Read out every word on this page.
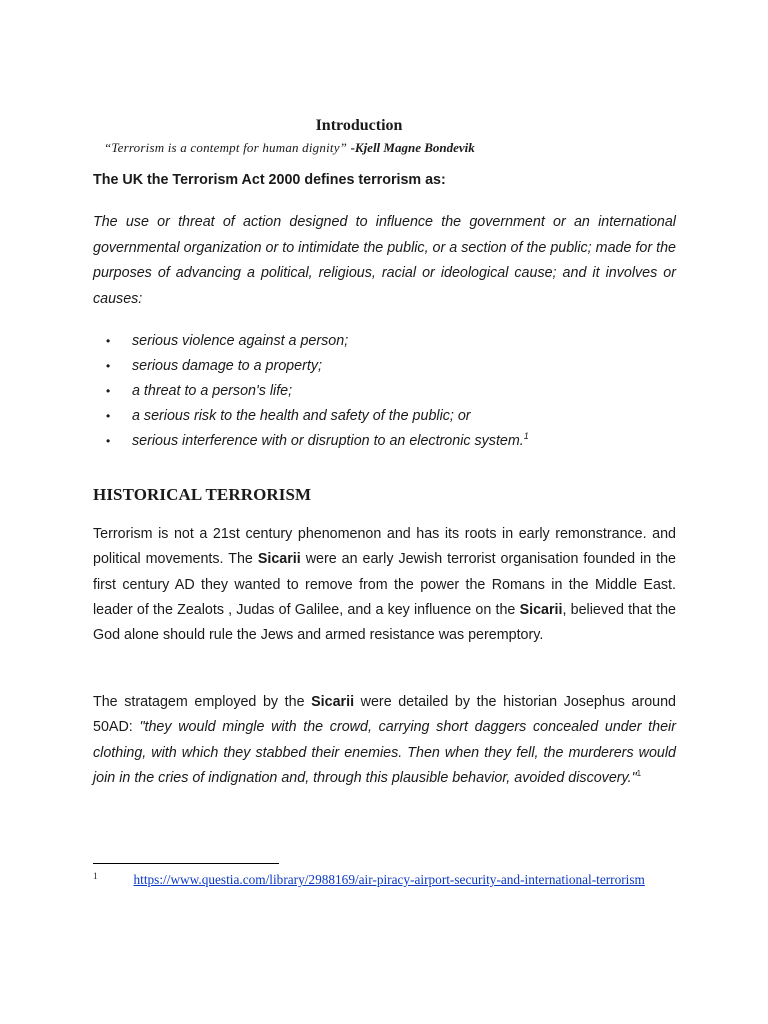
Introduction
“Terrorism is a contempt for human dignity” -Kjell Magne Bondevik
The UK the Terrorism Act 2000 defines terrorism as:

The use or threat of action designed to influence the government or an international governmental organization or to intimidate the public, or a section of the public; made for the purposes of advancing a political, religious, racial or ideological cause; and it involves or causes:

• serious violence against a person;
• serious damage to a property;
• a threat to a person's life;
• a serious risk to the health and safety of the public; or
• serious interference with or disruption to an electronic system.$^1$
HISTORICAL TERRORISM

Terrorism is not a 21st century phenomenon and has its roots in early remonstrance. and political movements. The Sicarii were an early Jewish terrorist organisation founded in the first century AD they wanted to remove from the power the Romans in the Middle East. leader of the Zealots , Judas of Galilee, and a key influence on the Sicarii, believed that the God alone should rule the Jews and armed resistance was peremptory.

The stratagem employed by the Sicarii were detailed by the historian Josephus around 50AD: "they would mingle with the crowd, carrying short daggers concealed under their clothing, with which they stabbed their enemies. Then when they fell, the murderers would join in the cries of indignation and, through this plausible behavior, avoided discovery."$^1$

$^1$	https://www.questia.com/library/2988169/air-piracy-airport-security-and-international-terrorism
